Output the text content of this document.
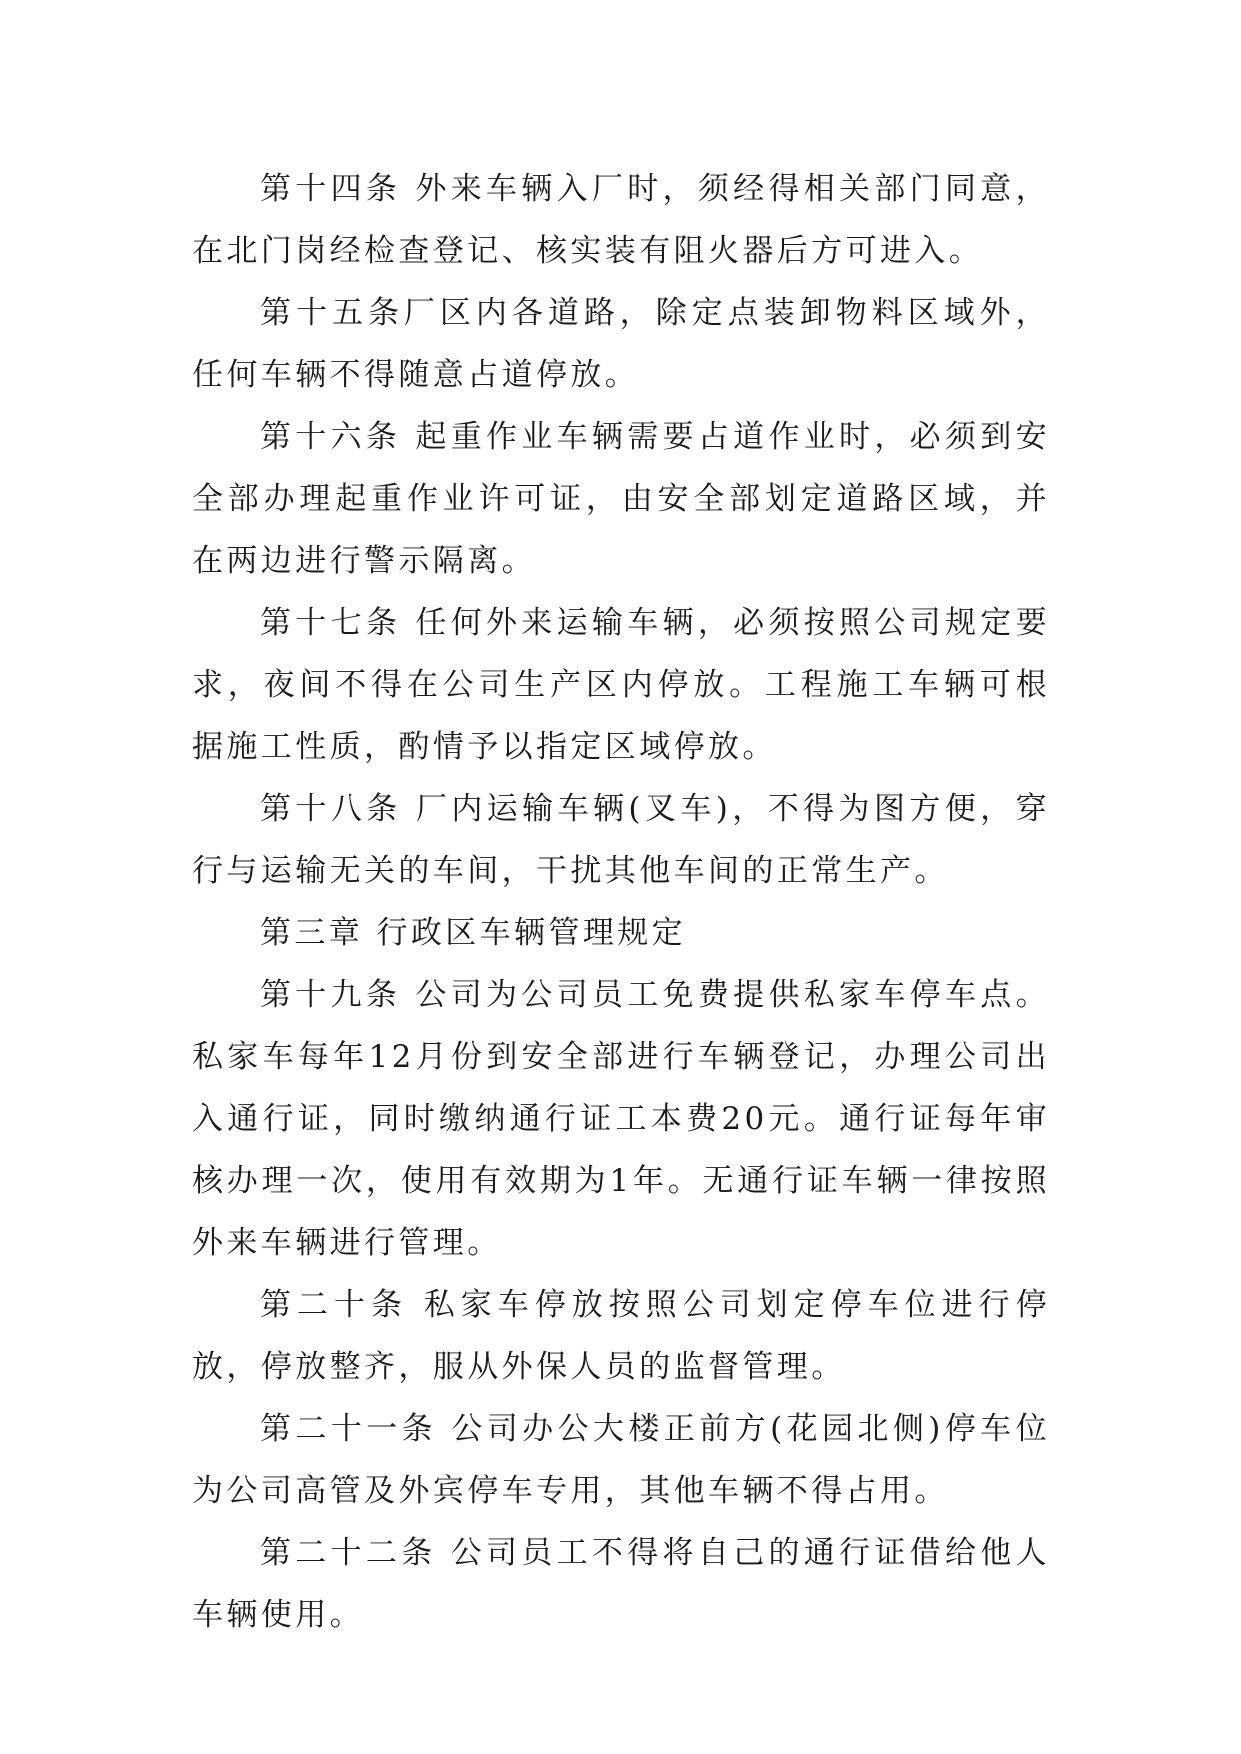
第十四条 外来车辆入厂时，须经得相关部门同意，在北门岗经检查登记、核实装有阻火器后方可进入。

第十五条厂区内各道路，除定点装卸物料区域外，任何车辆不得随意占道停放。

第十六条 起重作业车辆需要占道作业时，必须到安全部办理起重作业许可证，由安全部划定道路区域，并在两边进行警示隔离。

第十七条 任何外来运输车辆，必须按照公司规定要求，夜间不得在公司生产区内停放。工程施工车辆可根据施工性质，酌情予以指定区域停放。

第十八条 厂内运输车辆(叉车)，不得为图方便，穿行与运输无关的车间，干扰其他车间的正常生产。

第三章 行政区车辆管理规定

第十九条 公司为公司员工免费提供私家车停车点。私家车每年12月份到安全部进行车辆登记，办理公司出入通行证，同时缴纳通行证工本费20元。通行证每年审核办理一次，使用有效期为1年。无通行证车辆一律按照外来车辆进行管理。

第二十条 私家车停放按照公司划定停车位进行停放，停放整齐，服从外保人员的监督管理。

第二十一条 公司办公大楼正前方(花园北侧)停车位为公司高管及外宾停车专用，其他车辆不得占用。

第二十二条 公司员工不得将自己的通行证借给他人车辆使用。
